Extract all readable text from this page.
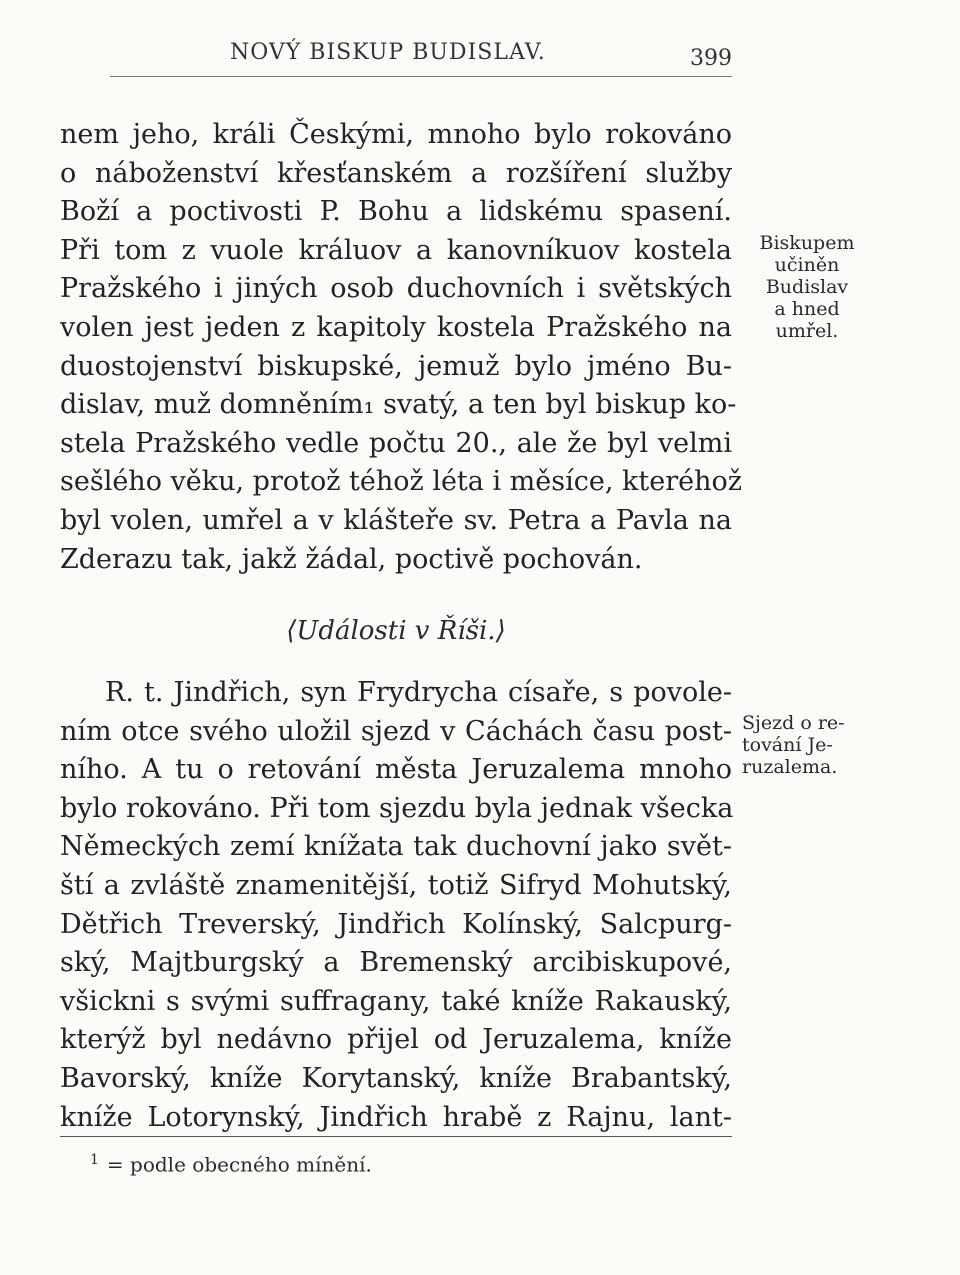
NOVÝ BISKUP BUDISLAV.	399
nem jeho, králi Českými, mnoho bylo rokováno
o náboženství křesťanském a rozšíření služby
Boží a poctivosti P. Bohu a lidskému spasení.
Při tom z vuole králuov a kanovníkuov kostela
Pražského i jiných osob duchovních i světských
volen jest jeden z kapitoly kostela Pražského na
duostojenství biskupské, jemuž bylo jméno Bu-
dislav, muž domněním₁ svatý, a ten byl biskup ko-
stela Pražského vedle počtu 20., ale že byl velmi
sešlého věku, protož téhož léta i měsíce, kteréhož
byl volen, umřel a v klášteře sv. Petra a Pavla na
Zderazu tak, jakž žádal, poctivě pochován.
Biskupem
učiněn
Budislav
a hned
umřel.
⟨Události v Říši.⟩
R. t. Jindřich, syn Frydrycha císaře, s povole-
ním otce svého uložil sjezd v Cáchách času post-
ního. A tu o retování města Jeruzalema mnoho
bylo rokováno. Při tom sjezdu byla jednak všecka
Německých zemí knížata tak duchovní jako svět-
ští a zvláště znamenitější, totiž Sifryd Mohutský,
Dětřich Treverský, Jindřich Kolínský, Salcpurg-
ský, Majtburgský a Bremenský arcibiskupové,
všickni s svými suffragany, také kníže Rakauský,
kterýž byl nedávno přijel od Jeruzalema, kníže
Bavorský, kníže Korytanský, kníže Brabantský,
kníže Lotorynský, Jindřich hrabě z Rajnu, lant-
Sjezd o re-
tování Je-
ruzalema.
$^1$ = podle obecného mínění.
